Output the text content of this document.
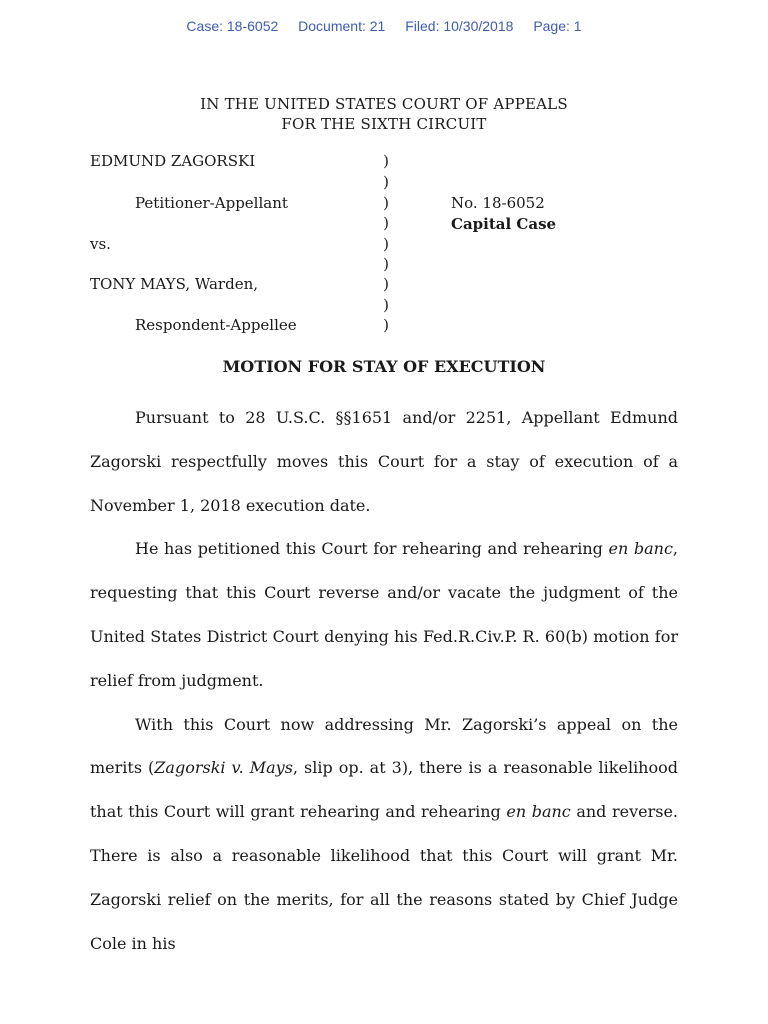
Case: 18-6052 Document: 21 Filed: 10/30/2018 Page: 1
IN THE UNITED STATES COURT OF APPEALS
FOR THE SIXTH CIRCUIT
EDMUND ZAGORSKI
Petitioner-Appellant
vs.
TONY MAYS, Warden,
Respondent-Appellee
)
)
)
)
)
)
)
)
)
No. 18-6052
Capital Case
MOTION FOR STAY OF EXECUTION

Pursuant to 28 U.S.C. §§1651 and/or 2251, Appellant Edmund Zagorski respectfully moves this Court for a stay of execution of a November 1, 2018 execution date.

He has petitioned this Court for rehearing and rehearing en banc, requesting that this Court reverse and/or vacate the judgment of the United States District Court denying his Fed.R.Civ.P. R. 60(b) motion for relief from judgment.

With this Court now addressing Mr. Zagorski’s appeal on the merits (Zagorski v. Mays, slip op. at 3), there is a reasonable likelihood that this Court will grant rehearing and rehearing en banc and reverse. There is also a reasonable likelihood that this Court will grant Mr. Zagorski relief on the merits, for all the reasons stated by Chief Judge Cole in his
